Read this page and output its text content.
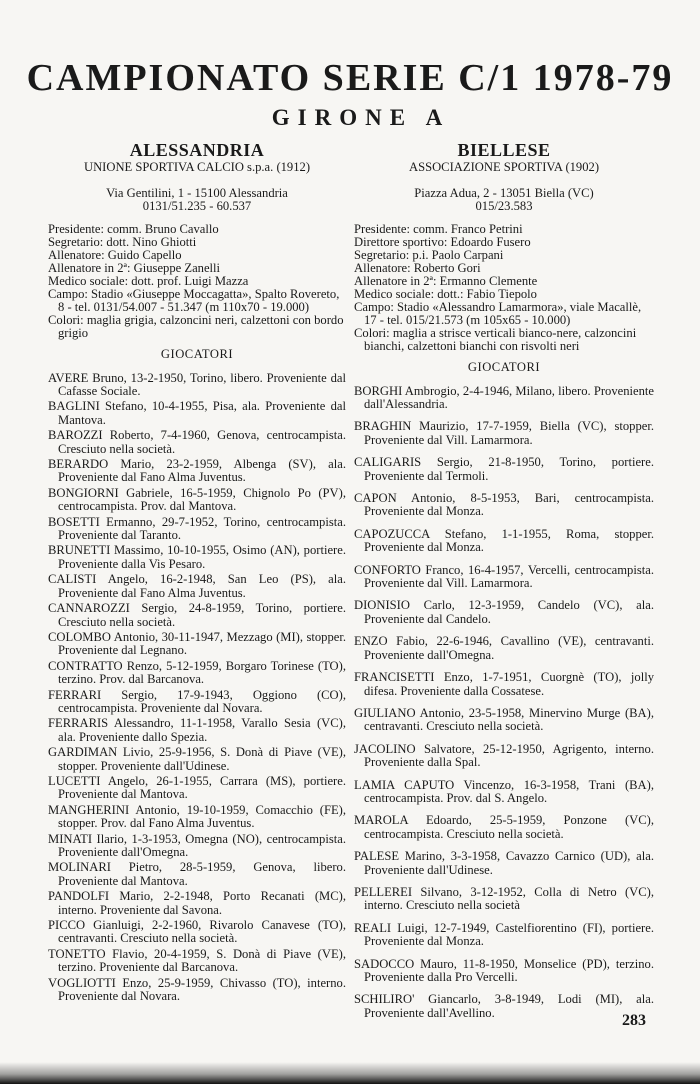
CAMPIONATO SERIE C/1 1978-79
GIRONE A
ALESSANDRIA
UNIONE SPORTIVA CALCIO s.p.a. (1912)
Via Gentilini, 1 - 15100 Alessandria
0131/51.235 - 60.537
Presidente: comm. Bruno Cavallo
Segretario: dott. Nino Ghiotti
Allenatore: Guido Capello
Allenatore in 2ª: Giuseppe Zanelli
Medico sociale: dott. prof. Luigi Mazza
Campo: Stadio «Giuseppe Moccagatta», Spalto Rovereto, 8 - tel. 0131/54.007 - 51.347 (m 110x70 - 19.000)
Colori: maglia grigia, calzoncini neri, calzettoni con bordo grigio
GIOCATORI
AVERE Bruno, 13-2-1950, Torino, libero. Proveniente dal Cafasse Sociale.
BAGLINI Stefano, 10-4-1955, Pisa, ala. Proveniente dal Mantova.
BAROZZI Roberto, 7-4-1960, Genova, centrocampista. Cresciuto nella società.
BERARDO Mario, 23-2-1959, Albenga (SV), ala. Proveniente dal Fano Alma Juventus.
BONGIORNI Gabriele, 16-5-1959, Chignolo Po (PV), centrocampista. Prov. dal Mantova.
BOSETTI Ermanno, 29-7-1952, Torino, centrocampista. Proveniente dal Taranto.
BRUNETTI Massimo, 10-10-1955, Osimo (AN), portiere. Proveniente dalla Vis Pesaro.
CALISTI Angelo, 16-2-1948, San Leo (PS), ala. Proveniente dal Fano Alma Juventus.
CANNAROZZI Sergio, 24-8-1959, Torino, portiere. Cresciuto nella società.
COLOMBO Antonio, 30-11-1947, Mezzago (MI), stopper. Proveniente dal Legnano.
CONTRATTO Renzo, 5-12-1959, Borgaro Torinese (TO), terzino. Prov. dal Barcanova.
FERRARI Sergio, 17-9-1943, Oggiono (CO), centrocampista. Proveniente dal Novara.
FERRARIS Alessandro, 11-1-1958, Varallo Sesia (VC), ala. Proveniente dallo Spezia.
GARDIMAN Livio, 25-9-1956, S. Donà di Piave (VE), stopper. Proveniente dall'Udinese.
LUCETTI Angelo, 26-1-1955, Carrara (MS), portiere. Proveniente dal Mantova.
MANGHERINI Antonio, 19-10-1959, Comacchio (FE), stopper. Prov. dal Fano Alma Juventus.
MINATI Ilario, 1-3-1953, Omegna (NO), centrocampista. Proveniente dall'Omegna.
MOLINARI Pietro, 28-5-1959, Genova, libero. Proveniente dal Mantova.
PANDOLFI Mario, 2-2-1948, Porto Recanati (MC), interno. Proveniente dal Savona.
PICCO Gianluigi, 2-2-1960, Rivarolo Canavese (TO), centravanti. Cresciuto nella società.
TONETTO Flavio, 20-4-1959, S. Donà di Piave (VE), terzino. Proveniente dal Barcanova.
VOGLIOTTI Enzo, 25-9-1959, Chivasso (TO), interno. Proveniente dal Novara.
BIELLESE
ASSOCIAZIONE SPORTIVA (1902)
Piazza Adua, 2 - 13051 Biella (VC)
015/23.583
Presidente: comm. Franco Petrini
Direttore sportivo: Edoardo Fusero
Segretario: p.i. Paolo Carpani
Allenatore: Roberto Gori
Allenatore in 2ª: Ermanno Clemente
Medico sociale: dott.: Fabio Tiepolo
Campo: Stadio «Alessandro Lamarmora», viale Macallè, 17 - tel. 015/21.573 (m 105x65 - 10.000)
Colori: maglia a strisce verticali bianco-nere, calzoncini bianchi, calzettoni bianchi con risvolti neri
GIOCATORI
BORGHI Ambrogio, 2-4-1946, Milano, libero. Proveniente dall'Alessandria.
BRAGHIN Maurizio, 17-7-1959, Biella (VC), stopper. Proveniente dal Vill. Lamarmora.
CALIGARIS Sergio, 21-8-1950, Torino, portiere. Proveniente dal Termoli.
CAPON Antonio, 8-5-1953, Bari, centrocampista. Proveniente dal Monza.
CAPOZUCCA Stefano, 1-1-1955, Roma, stopper. Proveniente dal Monza.
CONFORTO Franco, 16-4-1957, Vercelli, centrocampista. Proveniente dal Vill. Lamarmora.
DIONISIO Carlo, 12-3-1959, Candelo (VC), ala. Proveniente dal Candelo.
ENZO Fabio, 22-6-1946, Cavallino (VE), centravanti. Proveniente dall'Omegna.
FRANCISETTI Enzo, 1-7-1951, Cuorgnè (TO), jolly difesa. Proveniente dalla Cossatese.
GIULIANO Antonio, 23-5-1958, Minervino Murge (BA), centravanti. Cresciuto nella società.
JACOLINO Salvatore, 25-12-1950, Agrigento, interno. Proveniente dalla Spal.
LAMIA CAPUTO Vincenzo, 16-3-1958, Trani (BA), centrocampista. Prov. dal S. Angelo.
MAROLA Edoardo, 25-5-1959, Ponzone (VC), centrocampista. Cresciuto nella società.
PALESE Marino, 3-3-1958, Cavazzo Carnico (UD), ala. Proveniente dall'Udinese.
PELLEREI Silvano, 3-12-1952, Colla di Netro (VC), interno. Cresciuto nella società
REALI Luigi, 12-7-1949, Castelfiorentino (FI), portiere. Proveniente dal Monza.
SADOCCO Mauro, 11-8-1950, Monselice (PD), terzino. Proveniente dalla Pro Vercelli.
SCHILIRO' Giancarlo, 3-8-1949, Lodi (MI), ala. Proveniente dall'Avellino.	283
